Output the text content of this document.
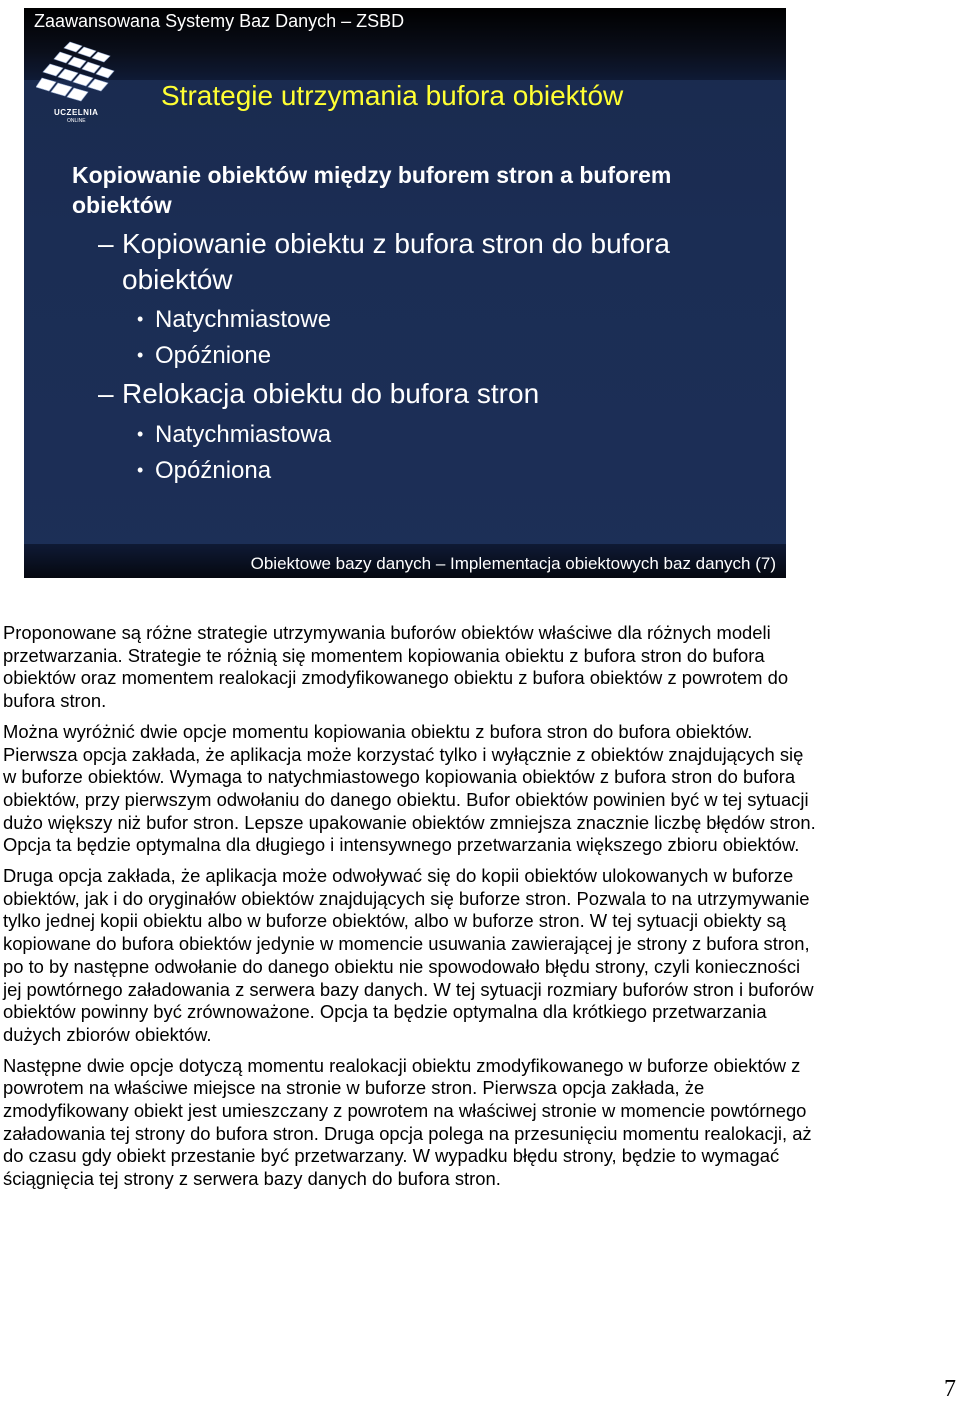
Zaawansowana Systemy Baz Danych – ZSBD
UCZELNIA
ONLINE
Strategie utrzymania bufora obiektów
Kopiowanie obiektów między buforem stron a buforem obiektów
– Kopiowanie obiektu z bufora stron do bufora obiektów
• Natychmiastowe
• Opóźnione
– Relokacja obiektu do bufora stron
• Natychmiastowa
• Opóźniona
Obiektowe bazy danych – Implementacja obiektowych baz danych (7)

Proponowane są różne strategie utrzymywania buforów obiektów właściwe dla różnych modeli przetwarzania. Strategie te różnią się momentem kopiowania obiektu z bufora stron do bufora obiektów oraz momentem realokacji zmodyfikowanego obiektu z bufora obiektów z powrotem do bufora stron.

Można wyróżnić dwie opcje momentu kopiowania obiektu z bufora stron do bufora obiektów. Pierwsza opcja zakłada, że aplikacja może korzystać tylko i wyłącznie z obiektów znajdujących się w buforze obiektów. Wymaga to natychmiastowego kopiowania obiektów z bufora stron do bufora obiektów, przy pierwszym odwołaniu do danego obiektu. Bufor obiektów powinien być w tej sytuacji dużo większy niż bufor stron. Lepsze upakowanie obiektów zmniejsza znacznie liczbę błędów stron. Opcja ta będzie optymalna dla długiego i intensywnego przetwarzania większego zbioru obiektów.

Druga opcja zakłada, że aplikacja może odwoływać się do kopii obiektów ulokowanych w buforze obiektów, jak i do oryginałów obiektów znajdujących się buforze stron. Pozwala to na utrzymywanie tylko jednej kopii obiektu albo w buforze obiektów, albo w buforze stron. W tej sytuacji obiekty są kopiowane do bufora obiektów jedynie w momencie usuwania zawierającej je strony z bufora stron, po to by następne odwołanie do danego obiektu nie spowodowało błędu strony, czyli konieczności jej powtórnego załadowania z serwera bazy danych. W tej sytuacji rozmiary buforów stron i buforów obiektów powinny być zrównoważone. Opcja ta będzie optymalna dla krótkiego przetwarzania dużych zbiorów obiektów.

Następne dwie opcje dotyczą momentu realokacji obiektu zmodyfikowanego w buforze obiektów z powrotem na właściwe miejsce na stronie w buforze stron. Pierwsza opcja zakłada, że zmodyfikowany obiekt jest umieszczany z powrotem na właściwej stronie w momencie powtórnego załadowania tej strony do bufora stron. Druga opcja polega na przesunięciu momentu realokacji, aż do czasu gdy obiekt przestanie być przetwarzany. W wypadku błędu strony, będzie to wymagać ściągnięcia tej strony z serwera bazy danych do bufora stron.

7
